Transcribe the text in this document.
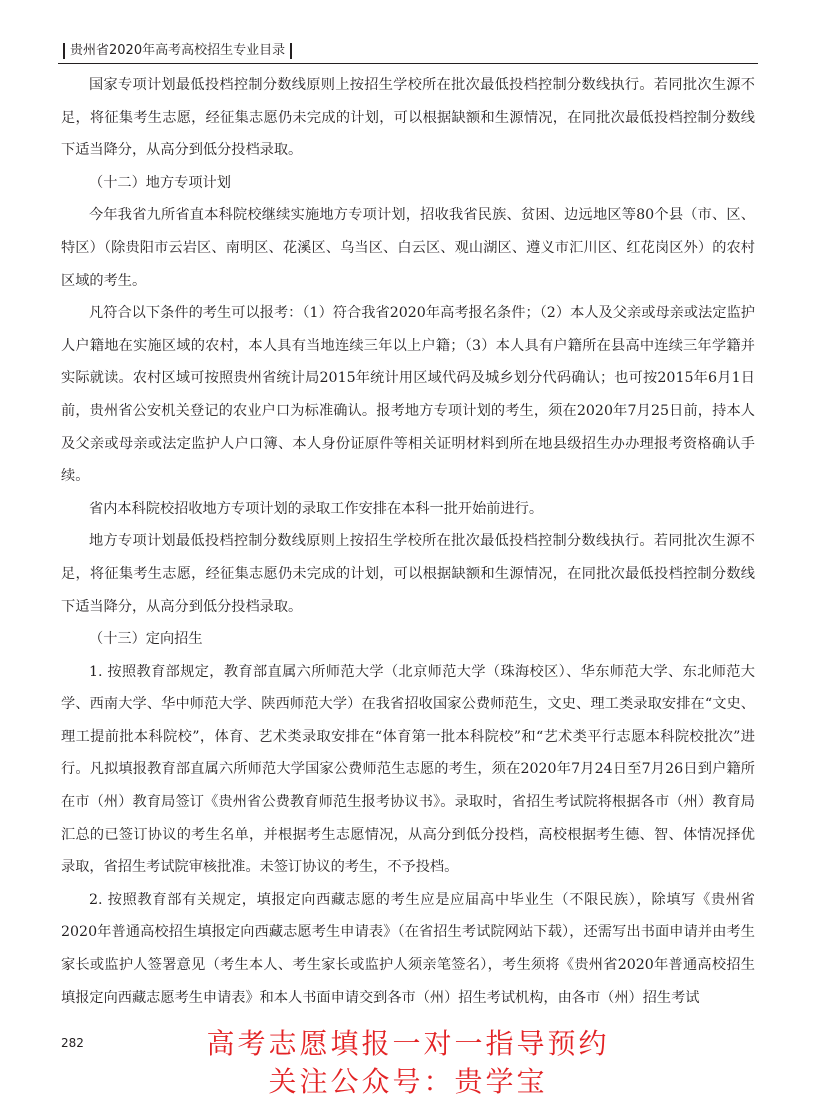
贵州省2020年高考高校招生专业目录

国家专项计划最低投档控制分数线原则上按招生学校所在批次最低投档控制分数线执行。若同批次生源不足，将征集考生志愿，经征集志愿仍未完成的计划，可以根据缺额和生源情况，在同批次最低投档控制分数线下适当降分，从高分到低分投档录取。

（十二）地方专项计划

今年我省九所省直本科院校继续实施地方专项计划，招收我省民族、贫困、边远地区等80个县（市、区、特区）（除贵阳市云岩区、南明区、花溪区、乌当区、白云区、观山湖区、遵义市汇川区、红花岗区外）的农村区域的考生。

凡符合以下条件的考生可以报考：（1）符合我省2020年高考报名条件；（2）本人及父亲或母亲或法定监护人户籍地在实施区域的农村，本人具有当地连续三年以上户籍；（3）本人具有户籍所在县高中连续三年学籍并实际就读。农村区域可按照贵州省统计局2015年统计用区域代码及城乡划分代码确认；也可按2015年6月1日前，贵州省公安机关登记的农业户口为标准确认。报考地方专项计划的考生，须在2020年7月25日前，持本人及父亲或母亲或法定监护人户口簿、本人身份证原件等相关证明材料到所在地县级招生办办理报考资格确认手续。

省内本科院校招收地方专项计划的录取工作安排在本科一批开始前进行。

地方专项计划最低投档控制分数线原则上按招生学校所在批次最低投档控制分数线执行。若同批次生源不足，将征集考生志愿，经征集志愿仍未完成的计划，可以根据缺额和生源情况，在同批次最低投档控制分数线下适当降分，从高分到低分投档录取。

（十三）定向招生

1. 按照教育部规定，教育部直属六所师范大学（北京师范大学（珠海校区）、华东师范大学、东北师范大学、西南大学、华中师范大学、陕西师范大学）在我省招收国家公费师范生，文史、理工类录取安排在“文史、理工提前批本科院校”，体育、艺术类录取安排在“体育第一批本科院校”和“艺术类平行志愿本科院校批次”进行。凡拟填报教育部直属六所师范大学国家公费师范生志愿的考生，须在2020年7月24日至7月26日到户籍所在市（州）教育局签订《贵州省公费教育师范生报考协议书》。录取时，省招生考试院将根据各市（州）教育局汇总的已签订协议的考生名单，并根据考生志愿情况，从高分到低分投档，高校根据考生德、智、体情况择优录取，省招生考试院审核批准。未签订协议的考生，不予投档。

2. 按照教育部有关规定，填报定向西藏志愿的考生应是应届高中毕业生（不限民族），除填写《贵州省2020年普通高校招生填报定向西藏志愿考生申请表》（在省招生考试院网站下载），还需写出书面申请并由考生家长或监护人签署意见（考生本人、考生家长或监护人须亲笔签名），考生须将《贵州省2020年普通高校招生填报定向西藏志愿考生申请表》和本人书面申请交到各市（州）招生考试机构，由各市（州）招生考试

282	高考志愿填报一对一指导预约
关注公众号：贵学宝
